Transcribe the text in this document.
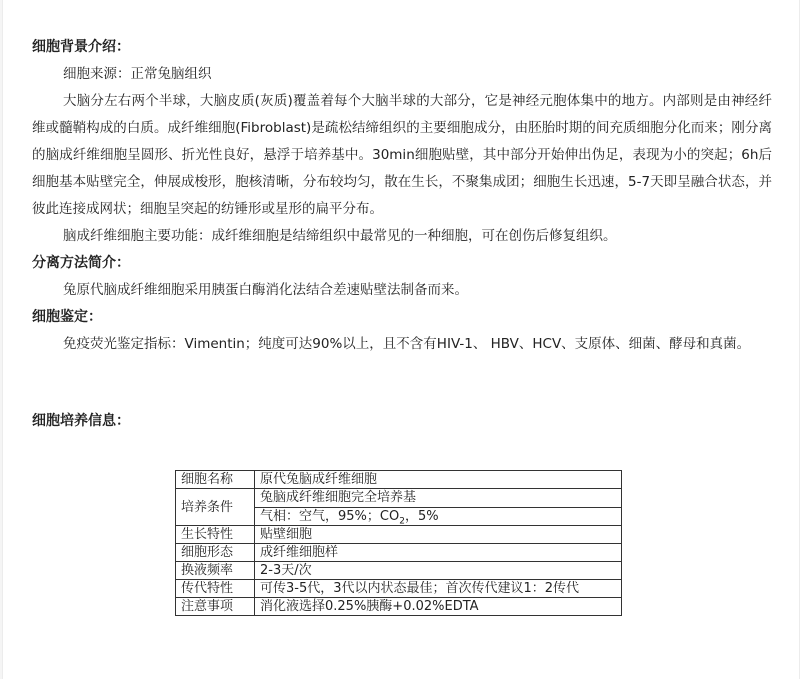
细胞背景介绍：
细胞来源：正常兔脑组织
大脑分左右两个半球，大脑皮质(灰质)覆盖着每个大脑半球的大部分，它是神经元胞体集中的地方。内部则是由神经纤维或髓鞘构成的白质。成纤维细胞(Fibroblast)是疏松结缔组织的主要细胞成分，由胚胎时期的间充质细胞分化而来；刚分离的脑成纤维细胞呈圆形、折光性良好，悬浮于培养基中。30min细胞贴壁，其中部分开始伸出伪足，表现为小的突起；6h后细胞基本贴壁完全，伸展成梭形，胞核清晰，分布较均匀，散在生长，不聚集成团；细胞生长迅速，5-7天即呈融合状态，并彼此连接成网状；细胞呈突起的纺锤形或星形的扁平分布。
脑成纤维细胞主要功能：成纤维细胞是结缔组织中最常见的一种细胞，可在创伤后修复组织。
分离方法简介：
兔原代脑成纤维细胞采用胰蛋白酶消化法结合差速贴壁法制备而来。
细胞鉴定：
免疫荧光鉴定指标：Vimentin；纯度可达90%以上，且不含有HIV-1、 HBV、HCV、支原体、细菌、酵母和真菌。
细胞培养信息：
细胞名称	原代兔脑成纤维细胞
培养条件	兔脑成纤维细胞完全培养基
	气相：空气，95%；$CO_2$，5%
生长特性	贴壁细胞
细胞形态	成纤维细胞样
换液频率	2-3天/次
传代特性	可传3-5代，3代以内状态最佳；首次传代建议1：2传代
注意事项	消化液选择0.25%胰酶+0.02%EDTA
